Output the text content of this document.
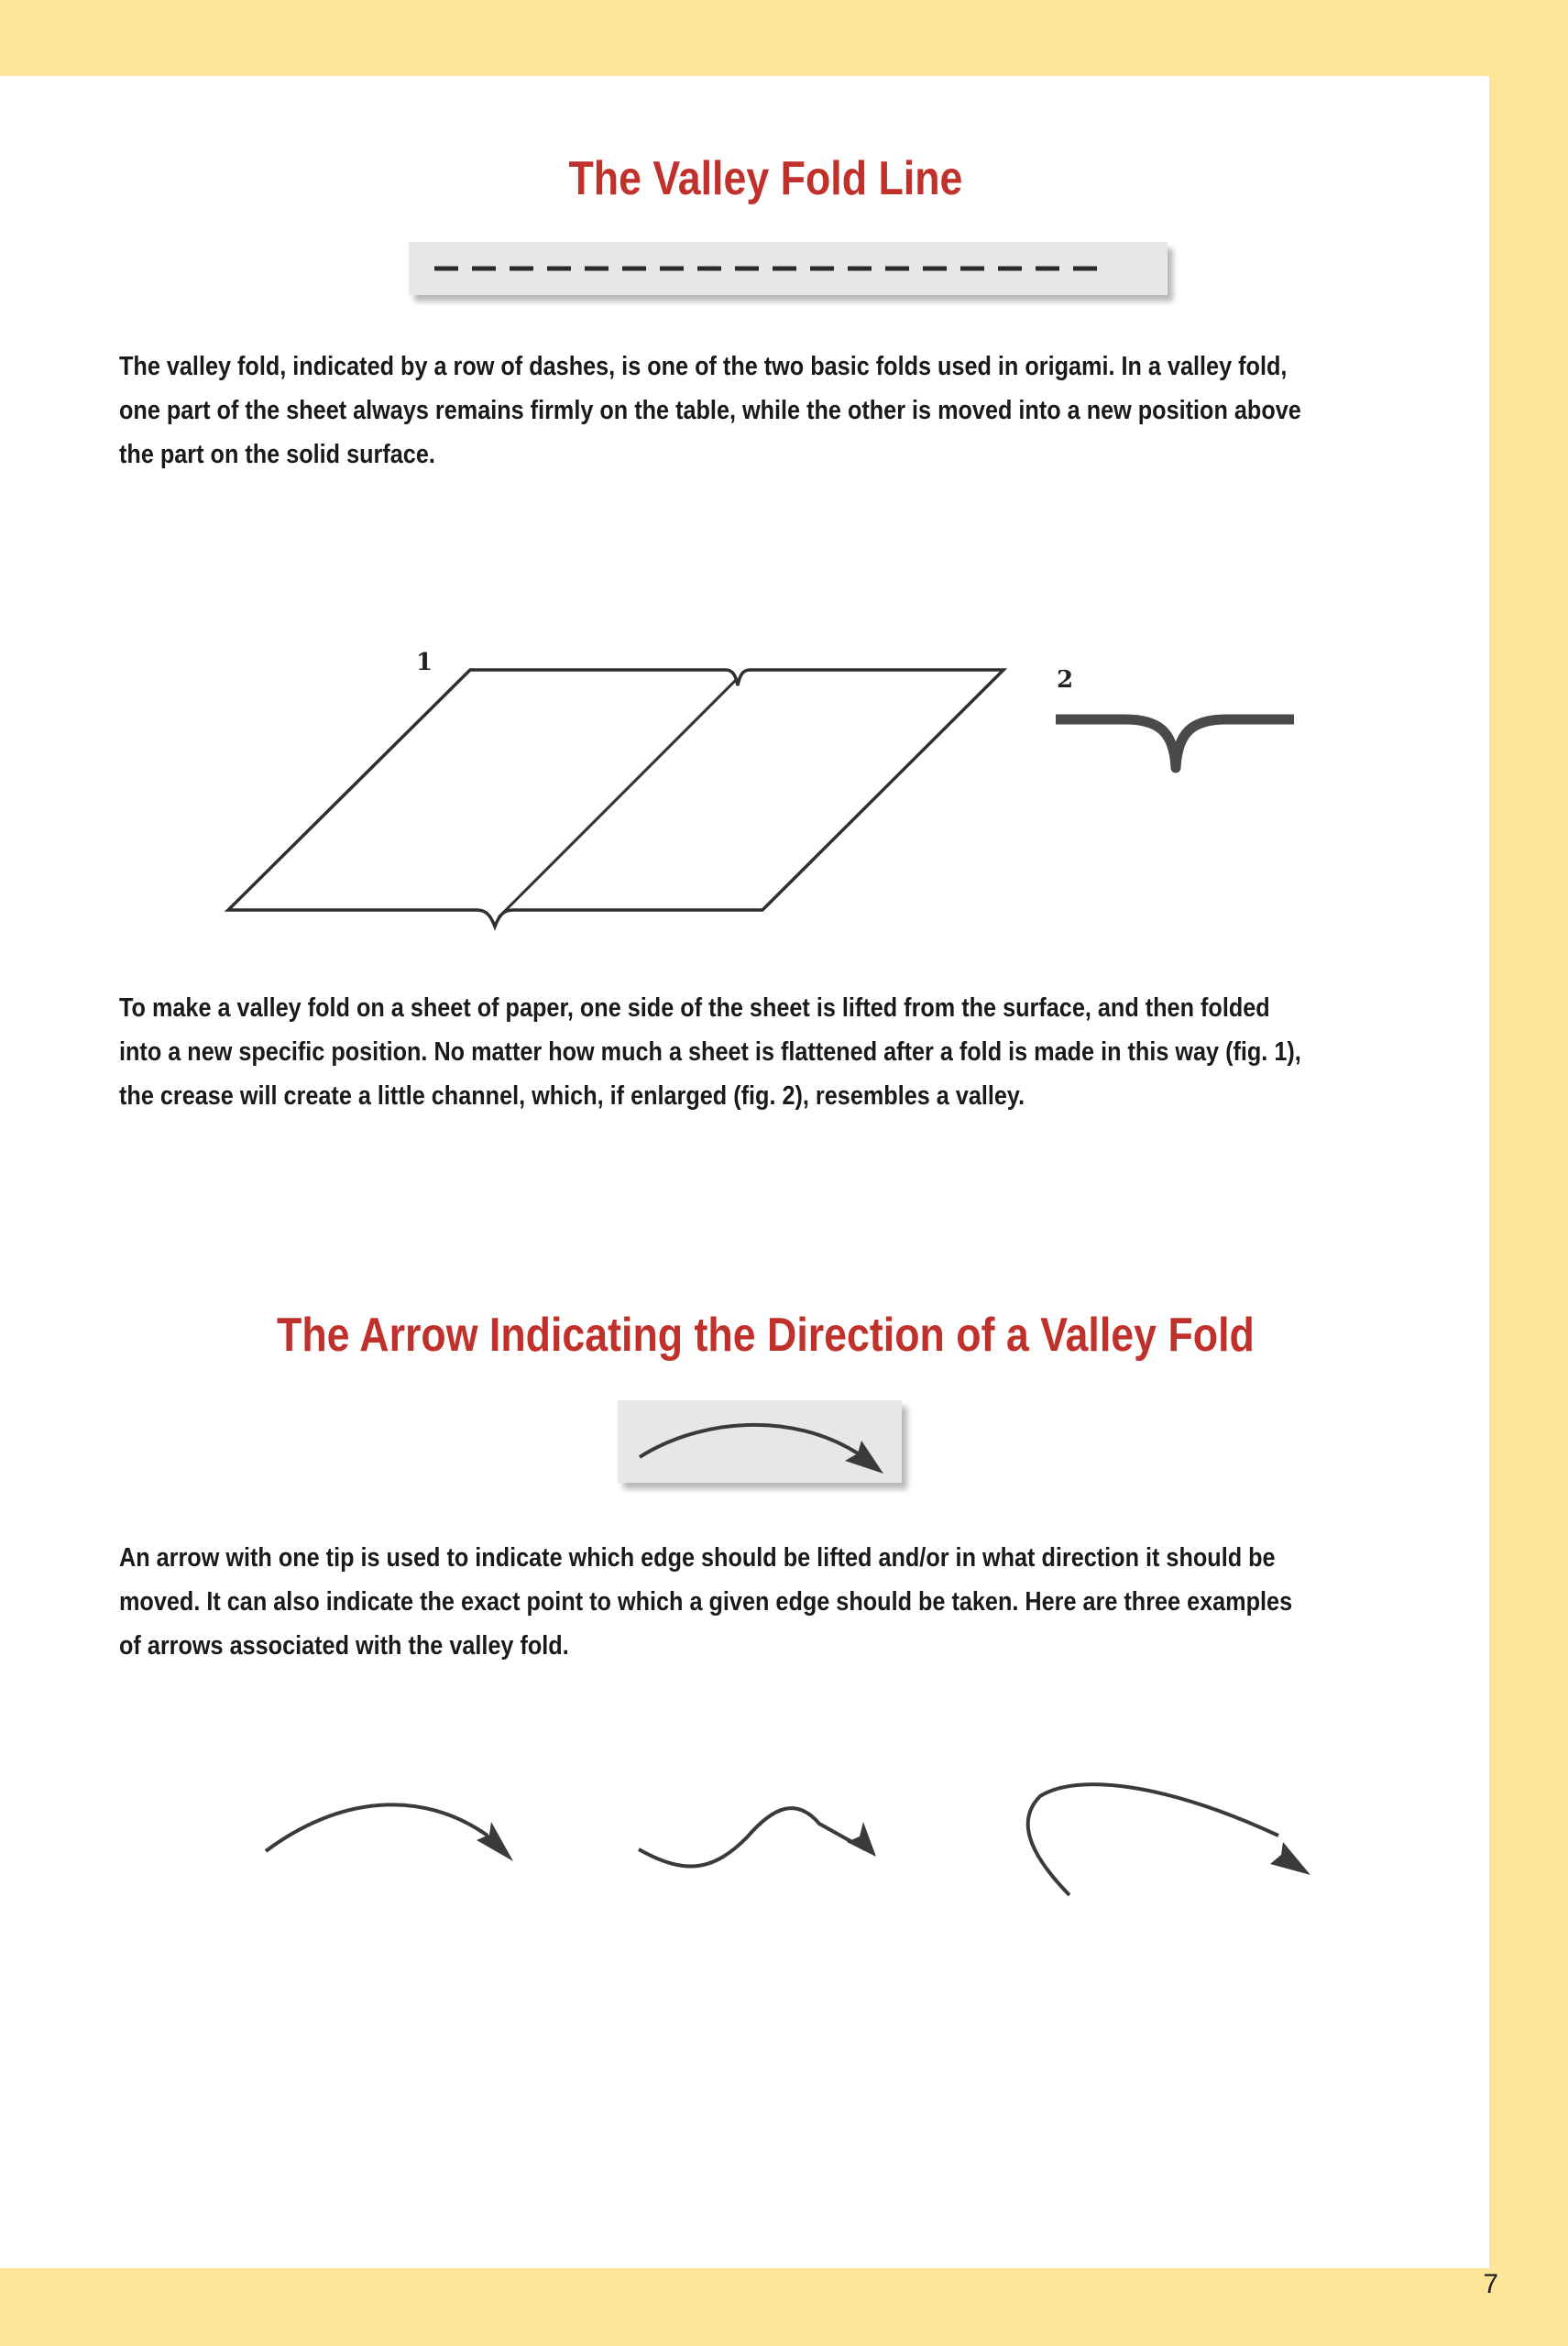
The Valley Fold Line

The valley fold, indicated by a row of dashes, is one of the two basic folds used in origami. In a valley fold,
one part of the sheet always remains firmly on the table, while the other is moved into a new position above
the part on the solid surface.

1
2

To make a valley fold on a sheet of paper, one side of the sheet is lifted from the surface, and then folded
into a new specific position. No matter how much a sheet is flattened after a fold is made in this way (fig. 1),
the crease will create a little channel, which, if enlarged (fig. 2), resembles a valley.

The Arrow Indicating the Direction of a Valley Fold

An arrow with one tip is used to indicate which edge should be lifted and/or in what direction it should be
moved. It can also indicate the exact point to which a given edge should be taken. Here are three examples
of arrows associated with the valley fold.

7
